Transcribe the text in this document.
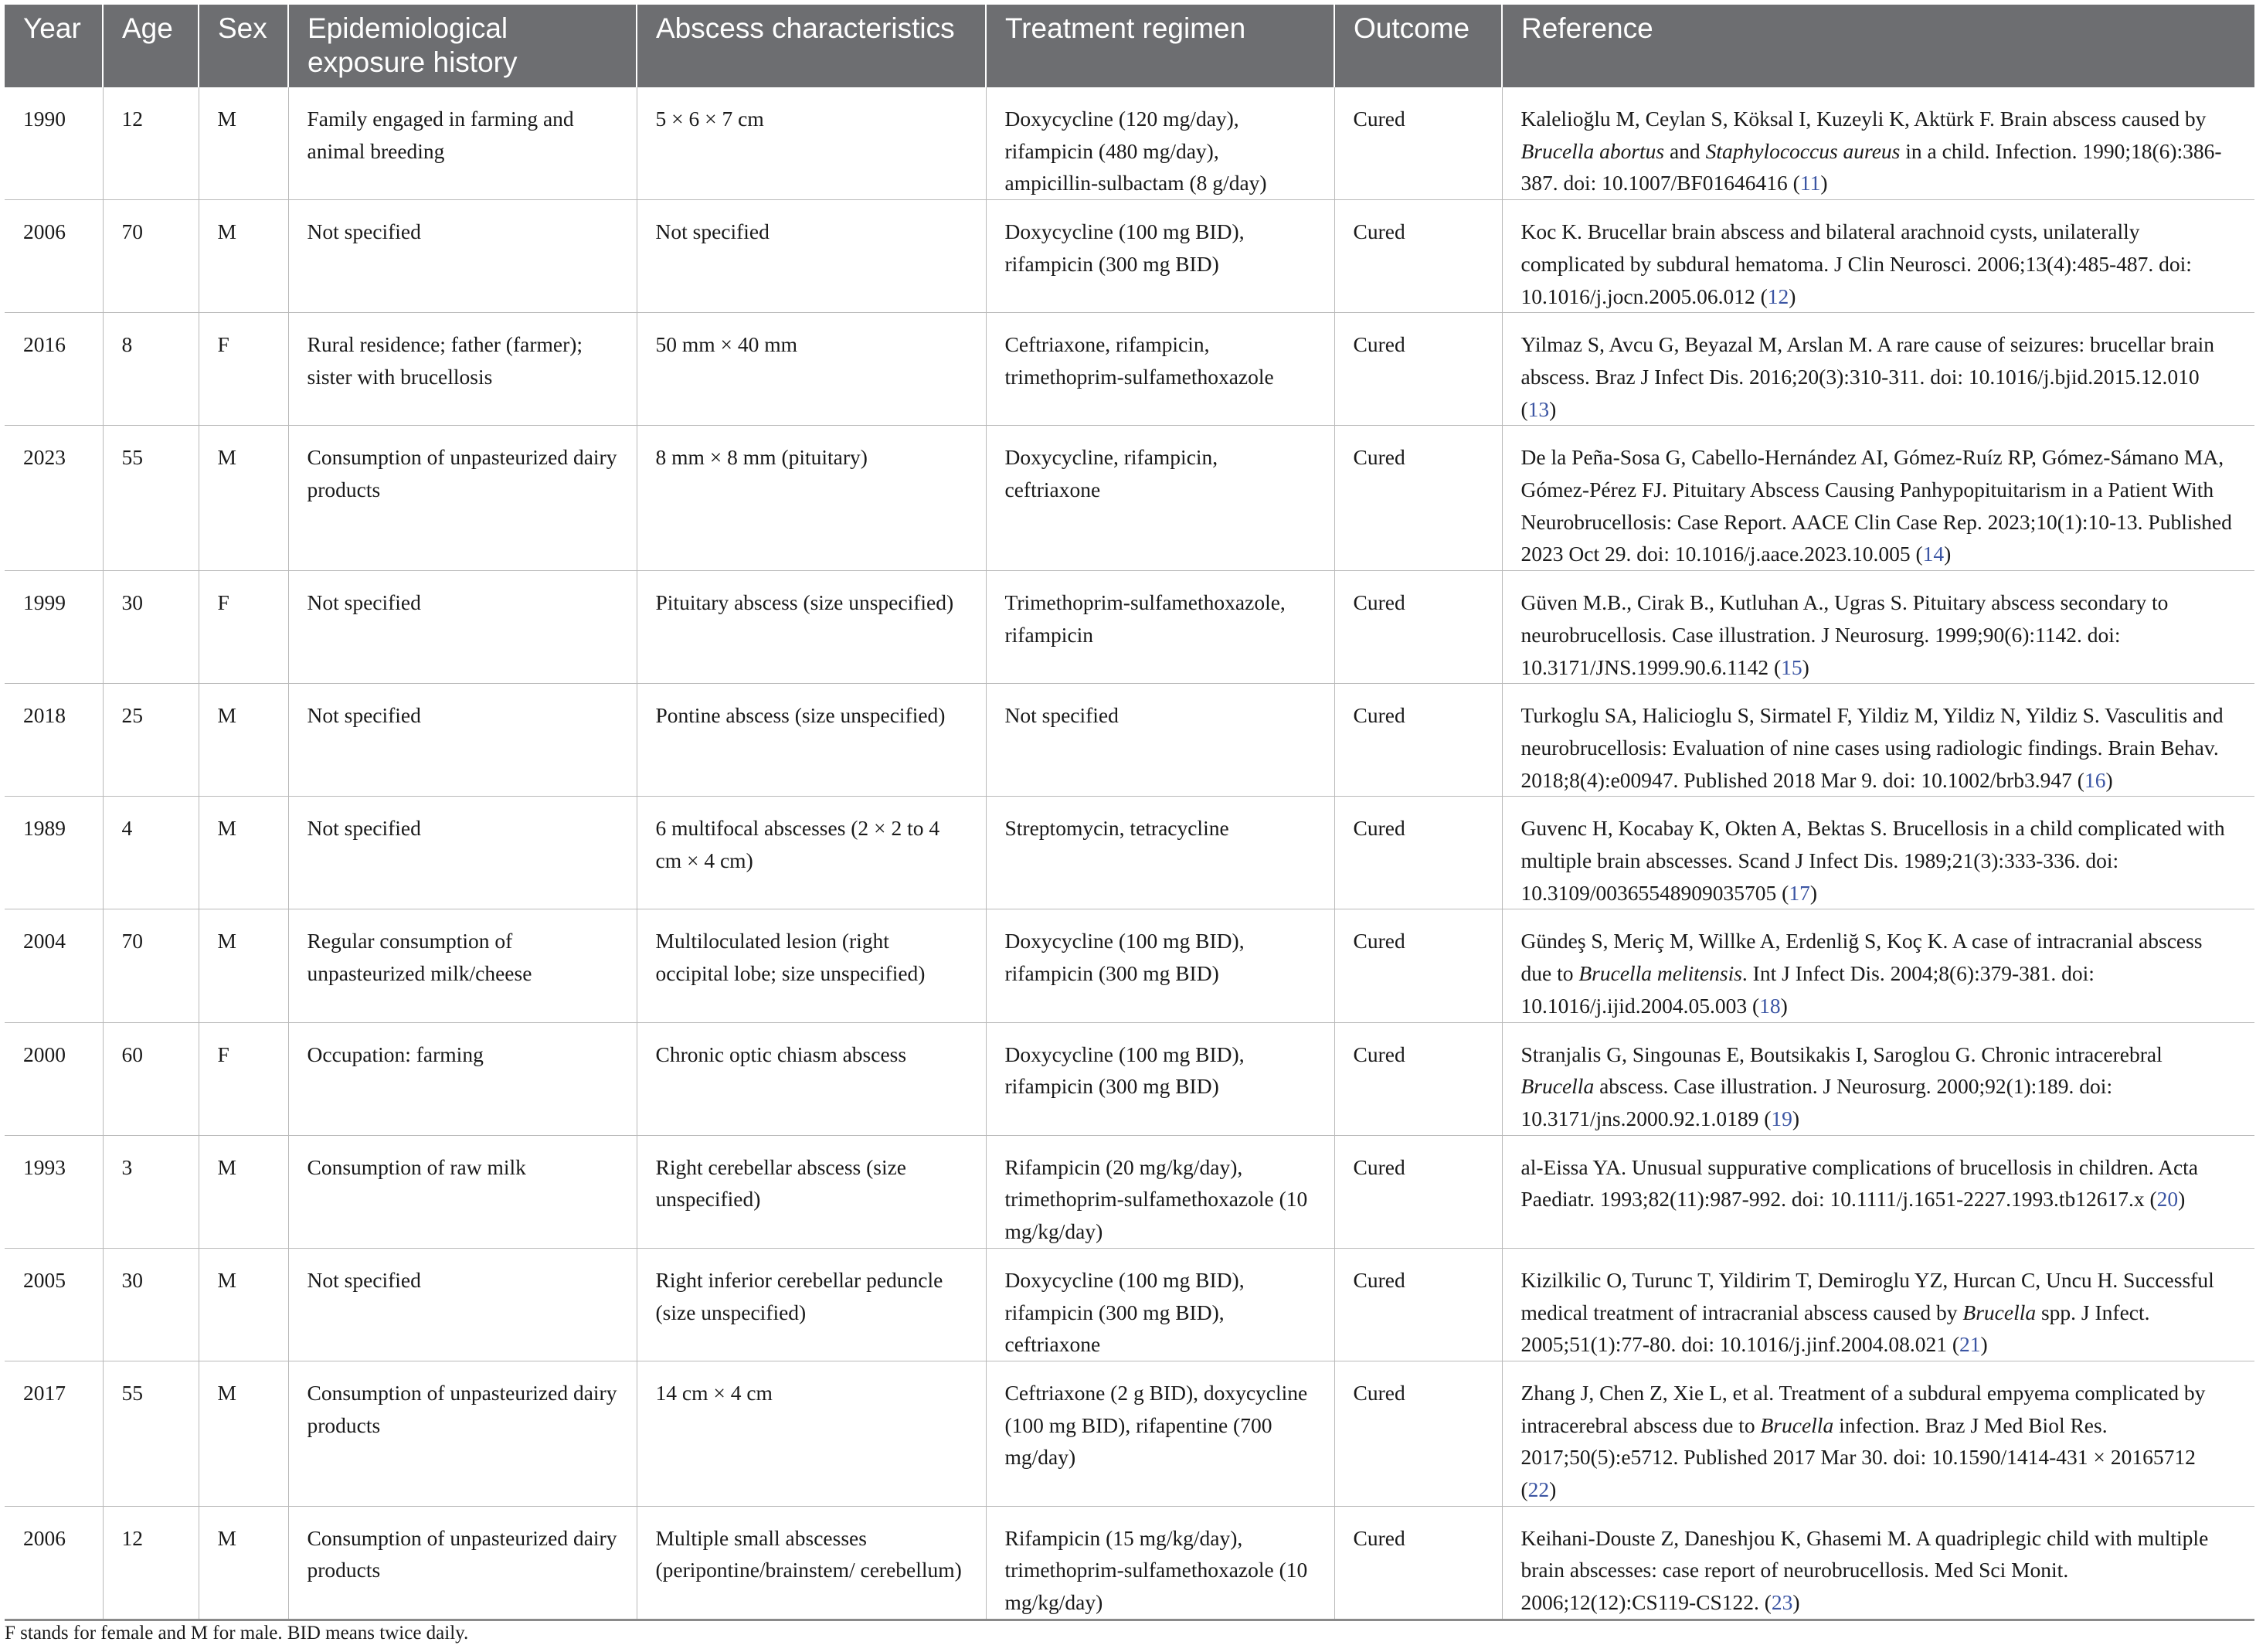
Year	Age	Sex	Epidemiological exposure history	Abscess characteristics	Treatment regimen	Outcome	Reference
1990	12	M	Family engaged in farming and animal breeding	5 × 6 × 7 cm	Doxycycline (120 mg/day), rifampicin (480 mg/day), ampicillin-sulbactam (8 g/day)	Cured	Kalelioğlu M, Ceylan S, Köksal I, Kuzeyli K, Aktürk F. Brain abscess caused by Brucella abortus and Staphylococcus aureus in a child. Infection. 1990;18(6):386-387. doi: 10.1007/BF01646416 (11)
2006	70	M	Not specified	Not specified	Doxycycline (100 mg BID), rifampicin (300 mg BID)	Cured	Koc K. Brucellar brain abscess and bilateral arachnoid cysts, unilaterally complicated by subdural hematoma. J Clin Neurosci. 2006;13(4):485-487. doi: 10.1016/j.jocn.2005.06.012 (12)
2016	8	F	Rural residence; father (farmer); sister with brucellosis	50 mm × 40 mm	Ceftriaxone, rifampicin, trimethoprim-sulfamethoxazole	Cured	Yilmaz S, Avcu G, Beyazal M, Arslan M. A rare cause of seizures: brucellar brain abscess. Braz J Infect Dis. 2016;20(3):310-311. doi: 10.1016/j.bjid.2015.12.010 (13)
2023	55	M	Consumption of unpasteurized dairy products	8 mm × 8 mm (pituitary)	Doxycycline, rifampicin, ceftriaxone	Cured	De la Peña-Sosa G, Cabello-Hernández AI, Gómez-Ruíz RP, Gómez-Sámano MA, Gómez-Pérez FJ. Pituitary Abscess Causing Panhypopituitarism in a Patient With Neurobrucellosis: Case Report. AACE Clin Case Rep. 2023;10(1):10-13. Published 2023 Oct 29. doi: 10.1016/j.aace.2023.10.005 (14)
1999	30	F	Not specified	Pituitary abscess (size unspecified)	Trimethoprim-sulfamethoxazole, rifampicin	Cured	Güven M.B., Cirak B., Kutluhan A., Ugras S. Pituitary abscess secondary to neurobrucellosis. Case illustration. J Neurosurg. 1999;90(6):1142. doi: 10.3171/JNS.1999.90.6.1142 (15)
2018	25	M	Not specified	Pontine abscess (size unspecified)	Not specified	Cured	Turkoglu SA, Halicioglu S, Sirmatel F, Yildiz M, Yildiz N, Yildiz S. Vasculitis and neurobrucellosis: Evaluation of nine cases using radiologic findings. Brain Behav. 2018;8(4):e00947. Published 2018 Mar 9. doi: 10.1002/brb3.947 (16)
1989	4	M	Not specified	6 multifocal abscesses (2 × 2 to 4 cm × 4 cm)	Streptomycin, tetracycline	Cured	Guvenc H, Kocabay K, Okten A, Bektas S. Brucellosis in a child complicated with multiple brain abscesses. Scand J Infect Dis. 1989;21(3):333-336. doi: 10.3109/00365548909035705 (17)
2004	70	M	Regular consumption of unpasteurized milk/cheese	Multiloculated lesion (right occipital lobe; size unspecified)	Doxycycline (100 mg BID), rifampicin (300 mg BID)	Cured	Gündeş S, Meriç M, Willke A, Erdenliğ S, Koç K. A case of intracranial abscess due to Brucella melitensis. Int J Infect Dis. 2004;8(6):379-381. doi: 10.1016/j.ijid.2004.05.003 (18)
2000	60	F	Occupation: farming	Chronic optic chiasm abscess	Doxycycline (100 mg BID), rifampicin (300 mg BID)	Cured	Stranjalis G, Singounas E, Boutsikakis I, Saroglou G. Chronic intracerebral Brucella abscess. Case illustration. J Neurosurg. 2000;92(1):189. doi: 10.3171/jns.2000.92.1.0189 (19)
1993	3	M	Consumption of raw milk	Right cerebellar abscess (size unspecified)	Rifampicin (20 mg/kg/day), trimethoprim-sulfamethoxazole (10 mg/kg/day)	Cured	al-Eissa YA. Unusual suppurative complications of brucellosis in children. Acta Paediatr. 1993;82(11):987-992. doi: 10.1111/j.1651-2227.1993.tb12617.x (20)
2005	30	M	Not specified	Right inferior cerebellar peduncle (size unspecified)	Doxycycline (100 mg BID), rifampicin (300 mg BID), ceftriaxone	Cured	Kizilkilic O, Turunc T, Yildirim T, Demiroglu YZ, Hurcan C, Uncu H. Successful medical treatment of intracranial abscess caused by Brucella spp. J Infect. 2005;51(1):77-80. doi: 10.1016/j.jinf.2004.08.021 (21)
2017	55	M	Consumption of unpasteurized dairy products	14 cm × 4 cm	Ceftriaxone (2 g BID), doxycycline (100 mg BID), rifapentine (700 mg/day)	Cured	Zhang J, Chen Z, Xie L, et al. Treatment of a subdural empyema complicated by intracerebral abscess due to Brucella infection. Braz J Med Biol Res. 2017;50(5):e5712. Published 2017 Mar 30. doi: 10.1590/1414-431 × 20165712 (22)
2006	12	M	Consumption of unpasteurized dairy products	Multiple small abscesses (peripontine/brainstem/ cerebellum)	Rifampicin (15 mg/kg/day), trimethoprim-sulfamethoxazole (10 mg/kg/day)	Cured	Keihani-Douste Z, Daneshjou K, Ghasemi M. A quadriplegic child with multiple brain abscesses: case report of neurobrucellosis. Med Sci Monit. 2006;12(12):CS119-CS122. (23)
F stands for female and M for male. BID means twice daily.
